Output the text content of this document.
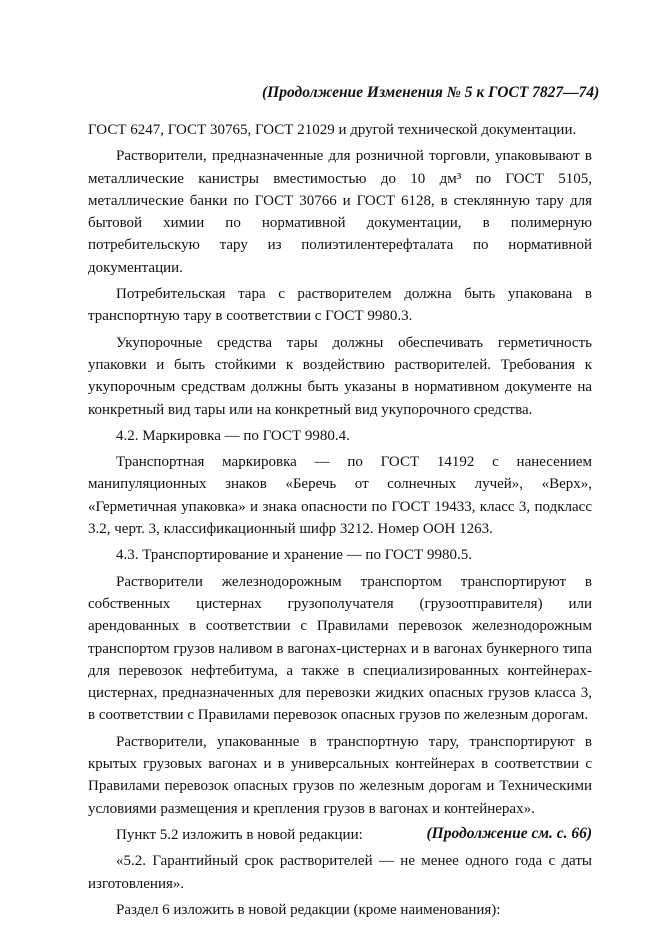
(Продолжение Изменения № 5 к ГОСТ 7827—74)

ГОСТ 6247, ГОСТ 30765, ГОСТ 21029 и другой технической документации.

Растворители, предназначенные для розничной торговли, упаковывают в металлические канистры вместимостью до 10 дм³ по ГОСТ 5105, металлические банки по ГОСТ 30766 и ГОСТ 6128, в стеклянную тару для бытовой химии по нормативной документации, в полимерную потребительскую тару из полиэтилентерефталата по нормативной документации.

Потребительская тара с растворителем должна быть упакована в транспортную тару в соответствии с ГОСТ 9980.3.

Укупорочные средства тары должны обеспечивать герметичность упаковки и быть стойкими к воздействию растворителей. Требования к укупорочным средствам должны быть указаны в нормативном документе на конкретный вид тары или на конкретный вид укупорочного средства.

4.2. Маркировка — по ГОСТ 9980.4.

Транспортная маркировка — по ГОСТ 14192 с нанесением манипуляционных знаков «Беречь от солнечных лучей», «Верх», «Герметичная упаковка» и знака опасности по ГОСТ 19433, класс 3, подкласс 3.2, черт. 3, классификационный шифр 3212. Номер ООН 1263.

4.3. Транспортирование и хранение — по ГОСТ 9980.5.

Растворители железнодорожным транспортом транспортируют в собственных цистернах грузополучателя (грузоотправителя) или арендованных в соответствии с Правилами перевозок железнодорожным транспортом грузов наливом в вагонах-цистернах и в вагонах бункерного типа для перевозок нефтебитума, а также в специализированных контейнерах-цистернах, предназначенных для перевозки жидких опасных грузов класса 3, в соответствии с Правилами перевозок опасных грузов по железным дорогам.

Растворители, упакованные в транспортную тару, транспортируют в крытых грузовых вагонах и в универсальных контейнерах в соответствии с Правилами перевозок опасных грузов по железным дорогам и Техническими условиями размещения и крепления грузов в вагонах и контейнерах».

Пункт 5.2 изложить в новой редакции:

«5.2. Гарантийный срок растворителей — не менее одного года с даты изготовления».

Раздел 6 изложить в новой редакции (кроме наименования):

(Продолжение см. с. 66)
